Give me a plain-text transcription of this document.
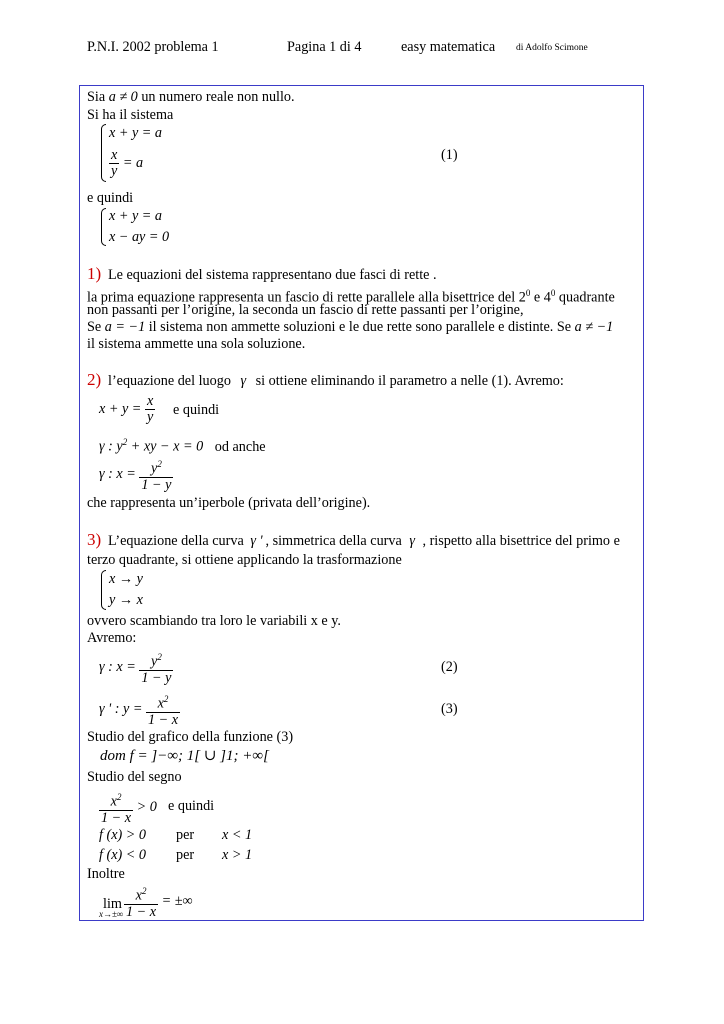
P.N.I. 2002 problema 1	Pagina 1 di 4	easy matematica di Adolfo Scimone
Sia a ≠ 0 un numero reale non nullo.
Si ha il sistema
x + y = a
$\frac{x}{y} = a$	(1)
e quindi
x + y = a
x − ay = 0
1) Le equazioni del sistema rappresentano due fasci di rette .
la prima equazione rappresenta un fascio di rette parallele alla bisettrice del $2^0$ e $4^0$ quadrante
non passanti per l’origine, la seconda un fascio di rette passanti per l’origine,
Se a = −1 il sistema non ammette soluzioni e le due rette sono parallele e distinte. Se a ≠ −1
il sistema ammette una sola soluzione.
2) l’equazione del luogo γ si ottiene eliminando il parametro a nelle (1). Avremo:
$x + y = \frac{x}{y}$ e quindi
γ : $y^2$ + xy − x = 0 od anche
γ : $x = \frac{y^2}{1 - y}$
che rappresenta un’iperbole (privata dell’origine).
3) L’equazione della curva γ ' , simmetrica della curva γ , rispetto alla bisettrice del primo e
terzo quadrante, si ottiene applicando la trasformazione
x → y
y → x
ovvero scambiando tra loro le variabili x e y.
Avremo:
γ : $x = \frac{y^2}{1 - y}$	(2)
γ ' : $y = \frac{x^2}{1 - x}$	(3)
Studio del grafico della funzione (3)
dom f = ]−∞; 1[ ∪ ]1; +∞[
Studio del segno
$\frac{x^2}{1 - x} > 0$ e quindi
f (x) > 0 per x < 1
f (x) < 0 per x > 1
Inoltre
lim
$x\to\pm\infty \frac{x^2}{1 - x}$ = ±∞
